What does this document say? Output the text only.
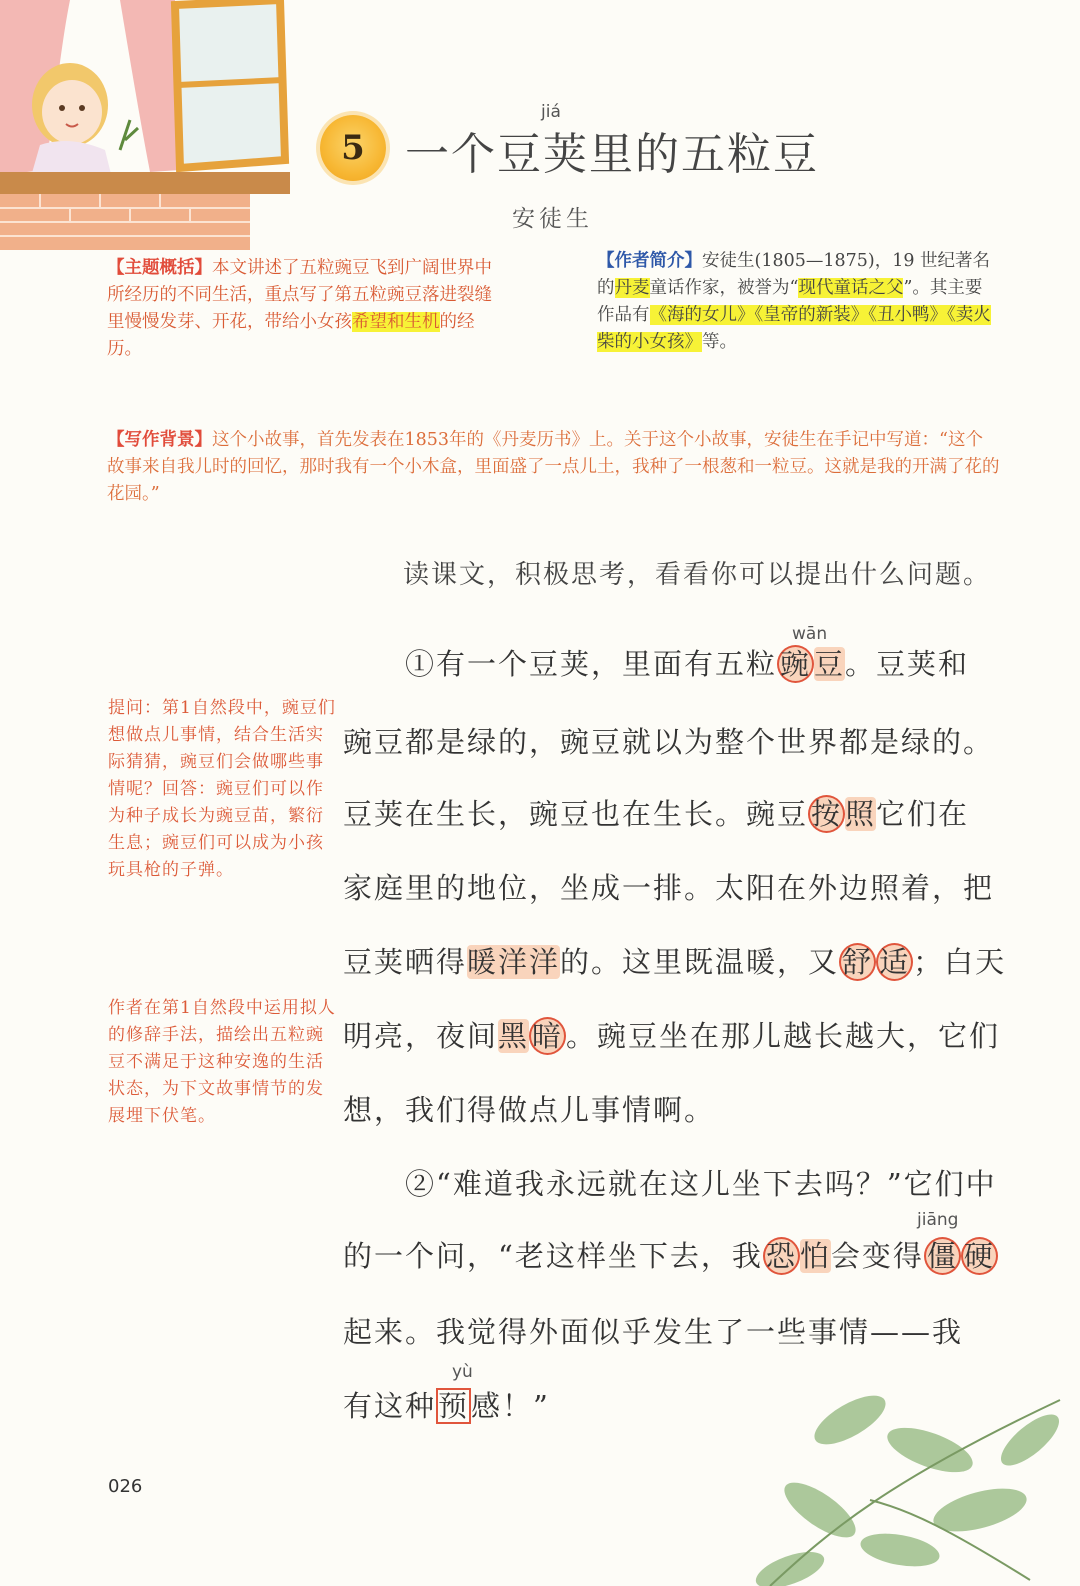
5
jiá
一个豆荚里的五粒豆
安徒生
【主题概括】本文讲述了五粒豌豆飞到广阔世界中所经历的不同生活，重点写了第五粒豌豆落进裂缝里慢慢发芽、开花，带给小女孩希望和生机的经历。
【作者简介】安徒生(1805—1875)，19 世纪著名的丹麦童话作家，被誉为“现代童话之父”。其主要作品有《海的女儿》《皇帝的新装》《丑小鸭》《卖火柴的小女孩》等。
【写作背景】这个小故事，首先发表在1853年的《丹麦历书》上。关于这个小故事，安徒生在手记中写道：“这个故事来自我儿时的回忆，那时我有一个小木盒，里面盛了一点儿土，我种了一根葱和一粒豆。这就是我的开满了花的花园。”
读课文，积极思考，看看你可以提出什么问题。
wān
①有一个豆荚，里面有五粒 豌 豆。豆荚和
豌豆都是绿的，豌豆就以为整个世界都是绿的。
豆荚在生长，豌豆也在生长。豌豆 按 照它们在
家庭里的地位，坐成一排。太阳在外边照着，把
豆荚晒得暖洋洋的。这里既温暖，又 舒 适 ；白天
明亮，夜间黑 暗 。豌豆坐在那儿越长越大，它们
想，我们得做点儿事情啊。
②“难道我永远就在这儿坐下去吗？”它们中
jiāng
的一个问，“老这样坐下去，我 恐 怕会变得 僵 硬
起来。我觉得外面似乎发生了一些事情——我
yù
有这种预感！”
提问：第1自然段中，豌豆们想做点儿事情，结合生活实际猜猜，豌豆们会做哪些事情呢？回答：豌豆们可以作为种子成长为豌豆苗，繁衍生息；豌豆们可以成为小孩玩具枪的子弹。
作者在第1自然段中运用拟人的修辞手法，描绘出五粒豌豆不满足于这种安逸的生活状态，为下文故事情节的发展埋下伏笔。
026
